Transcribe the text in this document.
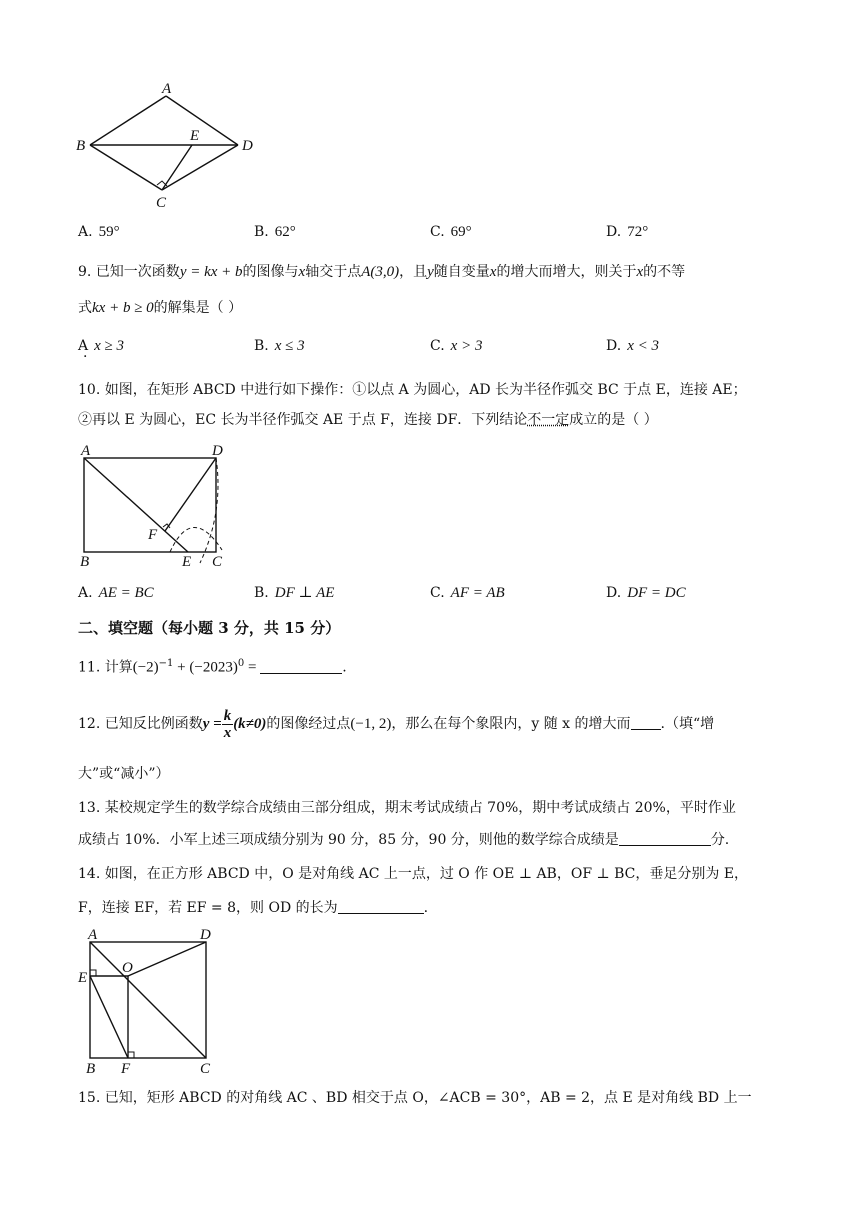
A
B
C
D
E
A. 59°	B. 62°	C. 69°	D. 72°
9. 已知一次函数y = kx + b的图像与x轴交于点A(3,0)，且y随自变量x的增大而增大，则关于x的不等
式kx + b ≥ 0的解集是（ ）
A · x ≥ 3	B. x ≤ 3	C. x > 3	D. x < 3
10. 如图，在矩形 ABCD 中进行如下操作：①以点 A 为圆心，AD 长为半径作弧交 BC 于点 E，连接 AE；
②再以 E 为圆心，EC 长为半径作弧交 AE 于点 F，连接 DF．下列结论不一定成立的是（ ）
A	D
B	C
E
F
A. AE = BC	B. DF ⊥ AE	C. AF = AB	D. DF = DC
二、填空题（每小题 3 分，共 15 分）
11. 计算$(-2)^{-1} + (-2023)^0$ =	.
12. 已知反比例函数$y = \frac{k}{x} (k\ne 0)$的图像经过点(−1, 2)，那么在每个象限内，y 随 x 的增大而 .（填“增
大”或“减小”）
13. 某校规定学生的数学综合成绩由三部分组成，期末考试成绩占 70%，期中考试成绩占 20%，平时作业
成绩占 10%．小军上述三项成绩分别为 90 分，85 分，90 分，则他的数学综合成绩是	分.
14. 如图，在正方形 ABCD 中，O 是对角线 AC 上一点，过 O 作 OE ⊥ AB，OF ⊥ BC，垂足分别为 E，
F，连接 EF，若 EF = 8，则 OD 的长为	.
A	D
E
O
B F	C
15. 已知，矩形 ABCD 的对角线 AC 、BD 相交于点 O，∠ACB = 30°，AB = 2，点 E 是对角线 BD 上一
